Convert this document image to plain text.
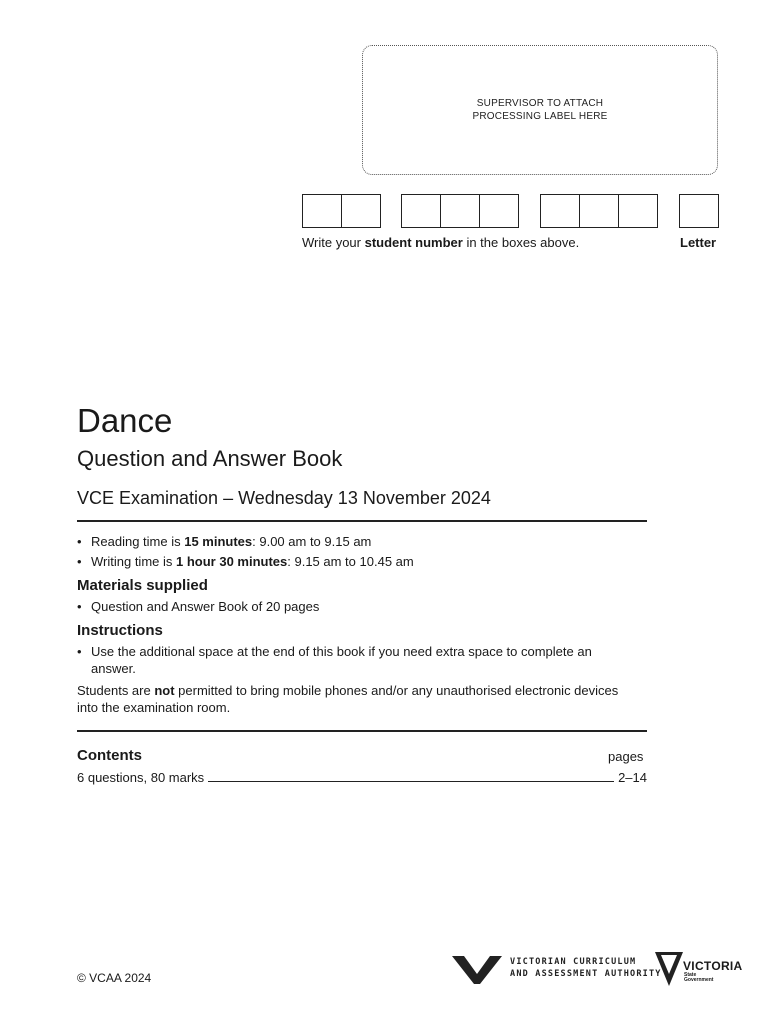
SUPERVISOR TO ATTACH
PROCESSING LABEL HERE
Write your student number in the boxes above.	Letter
Dance
Question and Answer Book
VCE Examination – Wednesday 13 November 2024
• Reading time is 15 minutes: 9.00 am to 9.15 am
• Writing time is 1 hour 30 minutes: 9.15 am to 10.45 am
Materials supplied
• Question and Answer Book of 20 pages
Instructions
• Use the additional space at the end of this book if you need extra space to complete an answer.
Students are not permitted to bring mobile phones and/or any unauthorised electronic devices into the examination room.
Contents	pages
6 questions, 80 marks	2–14
© VCAA 2024
VICTORIAN CURRICULUM
AND ASSESSMENT AUTHORITY
VICTORIA
State Government
